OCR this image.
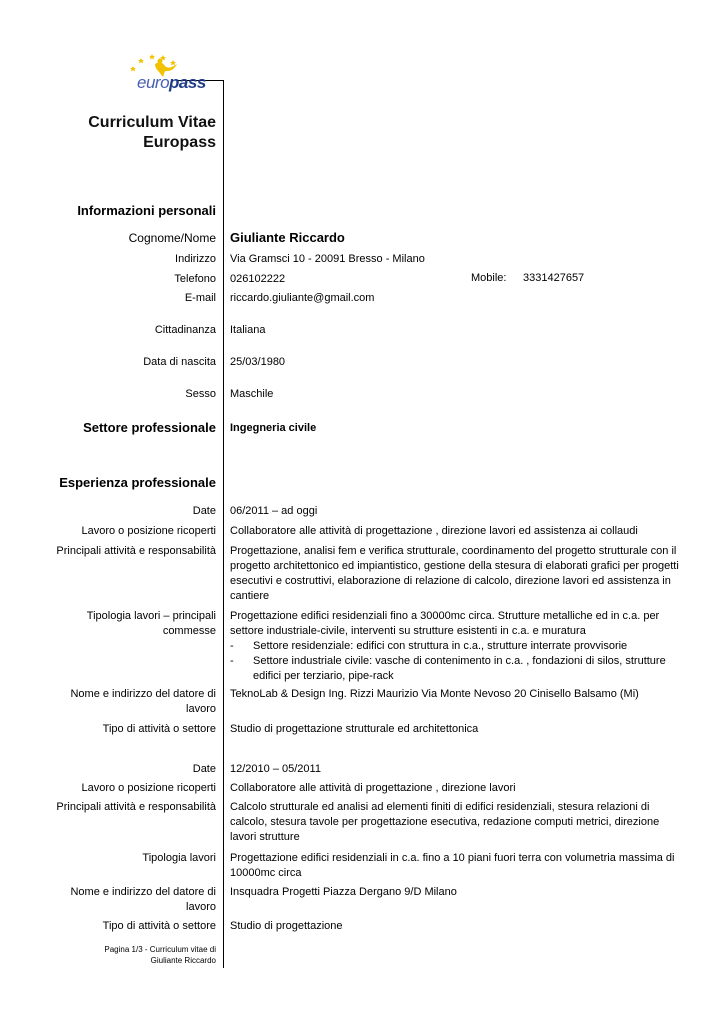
europass
Curriculum Vitae
Europass
Informazioni personali
Cognome/Nome Giuliante Riccardo
Indirizzo Via Gramsci 10 - 20091 Bresso - Milano
Telefono 026102222	Mobile: 3331427657
E-mail riccardo.giuliante@gmail.com
Cittadinanza Italiana
Data di nascita 25/03/1980
Sesso Maschile
Settore professionale Ingegneria civile
Esperienza professionale
Date 06/2011 – ad oggi
Lavoro o posizione ricoperti Collaboratore alle attività di progettazione , direzione lavori ed assistenza ai collaudi
Principali attività e responsabilità Progettazione, analisi fem e verifica strutturale, coordinamento del progetto strutturale con il progetto architettonico ed impiantistico, gestione della stesura di elaborati grafici per progetti esecutivi e costruttivi, elaborazione di relazione di calcolo, direzione lavori ed assistenza in cantiere
Tipologia lavori – principali
commesse
Progettazione edifici residenziali fino a 30000mc circa. Strutture metalliche ed in c.a. per settore industriale-civile, interventi su strutture esistenti in c.a. e muratura
- Settore residenziale: edifici con struttura in c.a., strutture interrate provvisorie
- Settore industriale civile: vasche di contenimento in c.a. , fondazioni di silos, strutture edifici per terziario, pipe-rack
Nome e indirizzo del datore di
lavoro
TeknoLab & Design Ing. Rizzi Maurizio Via Monte Nevoso 20 Cinisello Balsamo (Mi)
Tipo di attività o settore Studio di progettazione strutturale ed architettonica
Date 12/2010 – 05/2011
Lavoro o posizione ricoperti Collaboratore alle attività di progettazione , direzione lavori
Principali attività e responsabilità Calcolo strutturale ed analisi ad elementi finiti di edifici residenziali, stesura relazioni di calcolo, stesura tavole per progettazione esecutiva, redazione computi metrici, direzione lavori strutture
Tipologia lavori Progettazione edifici residenziali in c.a. fino a 10 piani fuori terra con volumetria massima di 10000mc circa
Nome e indirizzo del datore di
lavoro
Insquadra Progetti Piazza Dergano 9/D Milano
Tipo di attività o settore Studio di progettazione
Pagina 1/3 - Curriculum vitae di
Giuliante Riccardo
